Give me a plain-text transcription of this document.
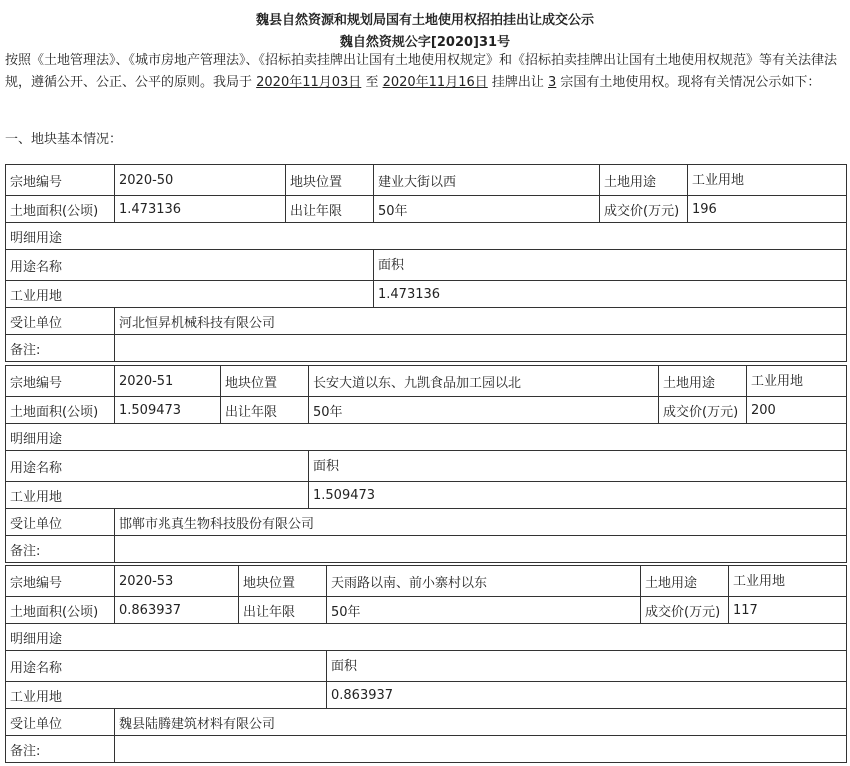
魏县自然资源和规划局国有土地使用权招拍挂出让成交公示
魏自然资规公字[2020]31号
按照《土地管理法》、《城市房地产管理法》、《招标拍卖挂牌出让国有土地使用权规定》和《招标拍卖挂牌出让国有土地使用权规范》等有关法律法规，遵循公开、公正、公平的原则。我局于 2020年11月03日 至 2020年11月16日 挂牌出让 3 宗国有土地使用权。现将有关情况公示如下：
一、地块基本情况：
宗地编号	2020-50	地块位置	建业大街以西	土地用途	工业用地
土地面积(公顷)	1.473136	出让年限	50年	成交价(万元)	196
明细用途					
用途名称			面积		
工业用地			1.473136		
受让单位	河北恒昇机械科技有限公司				
备注:					
宗地编号	2020-51	地块位置	长安大道以东、九凯食品加工园以北	土地用途	工业用地
土地面积(公顷)	1.509473	出让年限	50年	成交价(万元)	200
明细用途					
用途名称			面积		
工业用地			1.509473		
受让单位	邯郸市兆真生物科技股份有限公司				
备注:					
宗地编号	2020-53	地块位置	天雨路以南、前小寨村以东	土地用途	工业用地
土地面积(公顷)	0.863937	出让年限	50年	成交价(万元)	117
明细用途					
用途名称			面积		
工业用地			0.863937		
受让单位	魏县陆腾建筑材料有限公司				
备注:					
